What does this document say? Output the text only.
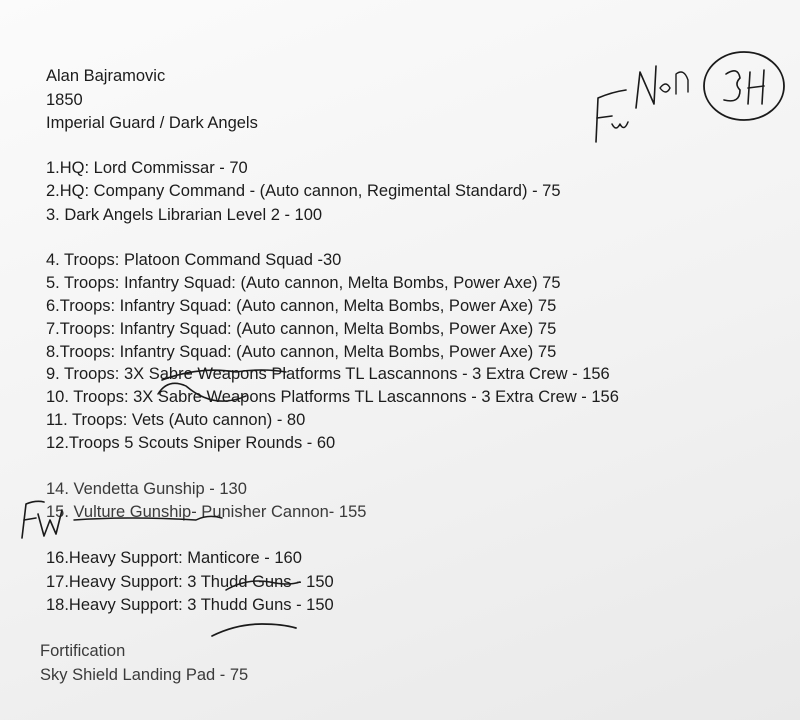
Alan Bajramovic
1850
Imperial Guard / Dark Angels
1.HQ: Lord Commissar - 70
2.HQ: Company Command - (Auto cannon, Regimental Standard) - 75
3. Dark Angels Librarian Level 2 - 100
4. Troops: Platoon Command Squad -30
5. Troops: Infantry Squad: (Auto cannon, Melta Bombs, Power Axe) 75
6.Troops: Infantry Squad: (Auto cannon, Melta Bombs, Power Axe) 75
7.Troops: Infantry Squad: (Auto cannon, Melta Bombs, Power Axe) 75
8.Troops: Infantry Squad: (Auto cannon, Melta Bombs, Power Axe) 75
9. Troops: 3X Sabre Weapons Platforms TL Lascannons - 3 Extra Crew - 156
10. Troops: 3X Sabre Weapons Platforms TL Lascannons - 3 Extra Crew - 156
11. Troops: Vets (Auto cannon) - 80
12.Troops 5 Scouts Sniper Rounds - 60
14. Vendetta Gunship - 130
15. Vulture Gunship- Punisher Cannon- 155
16.Heavy Support: Manticore - 160
17.Heavy Support: 3 Thudd Guns - 150
18.Heavy Support: 3 Thudd Guns - 150
Fortification
Sky Shield Landing Pad - 75
